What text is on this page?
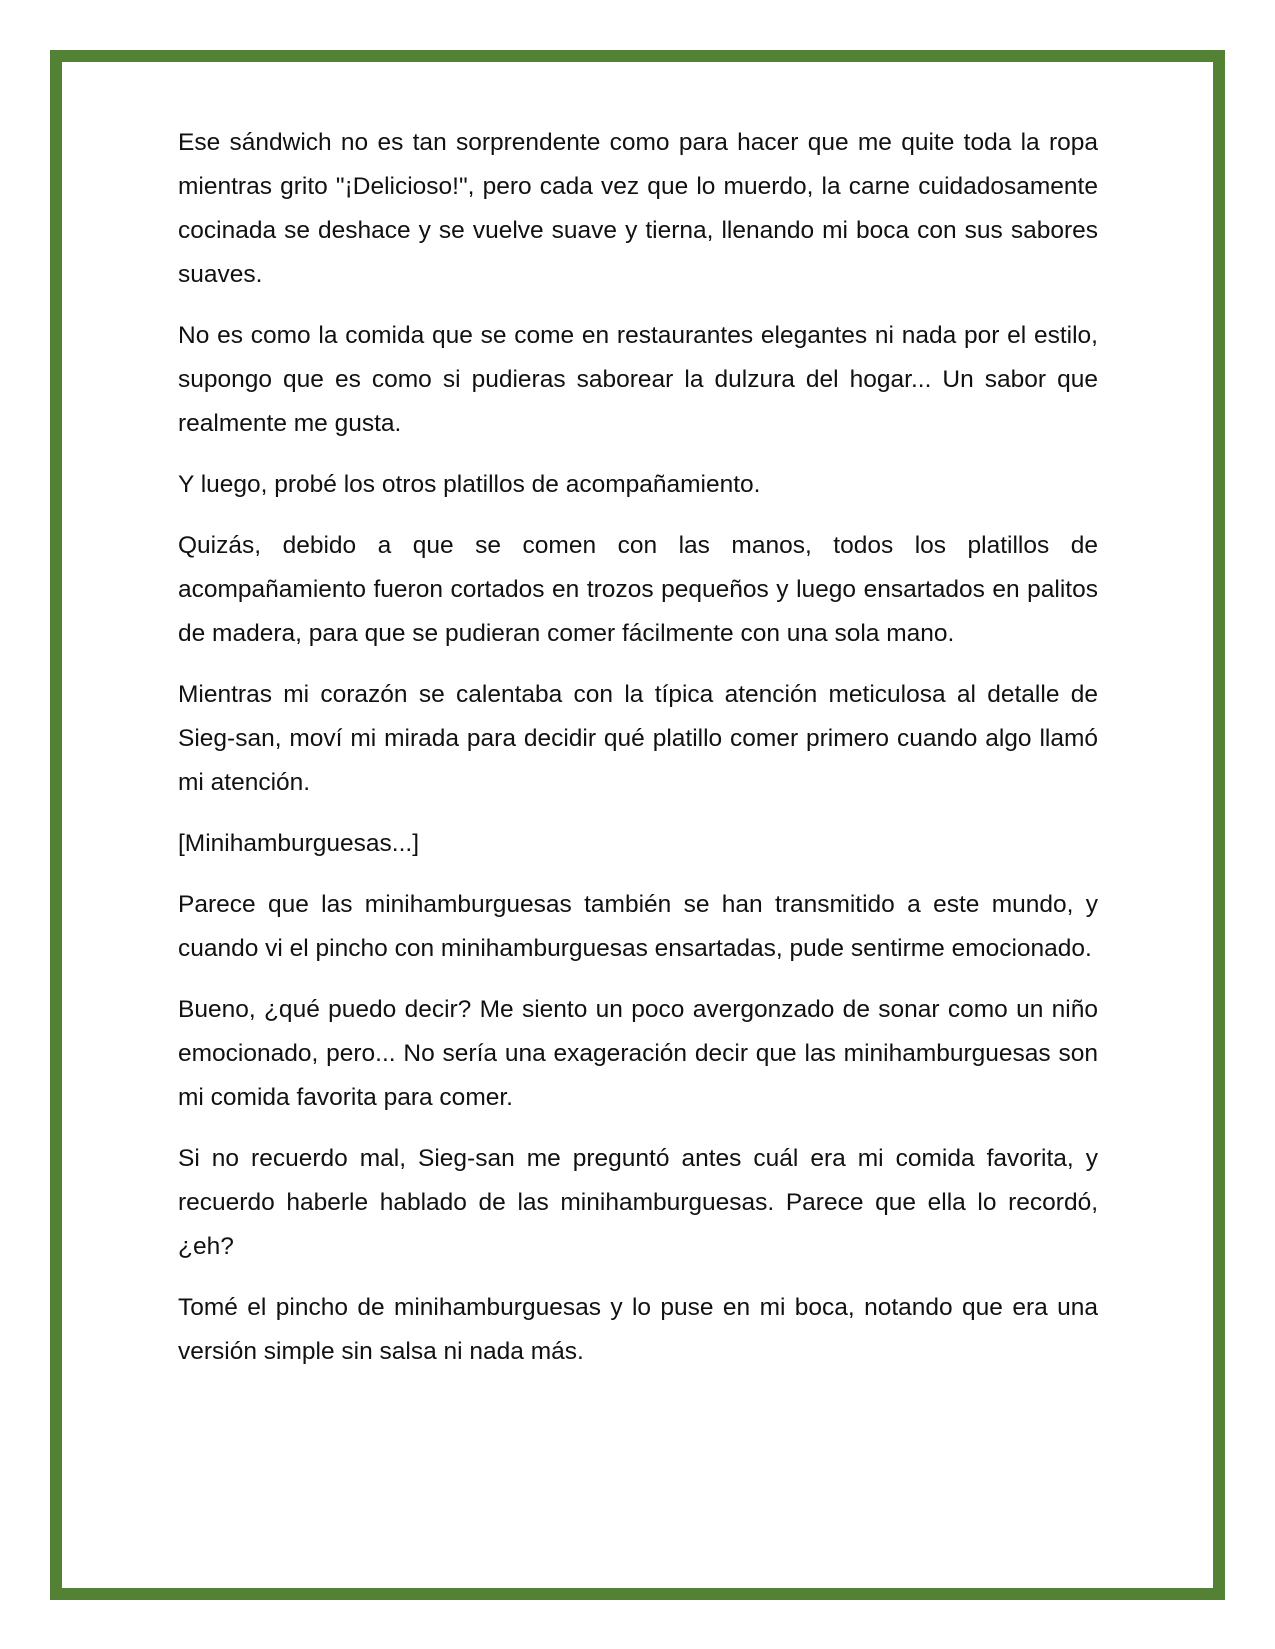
Ese sándwich no es tan sorprendente como para hacer que me quite toda la ropa mientras grito "¡Delicioso!", pero cada vez que lo muerdo, la carne cuidadosamente cocinada se deshace y se vuelve suave y tierna, llenando mi boca con sus sabores suaves.

No es como la comida que se come en restaurantes elegantes ni nada por el estilo, supongo que es como si pudieras saborear la dulzura del hogar... Un sabor que realmente me gusta.

Y luego, probé los otros platillos de acompañamiento.

Quizás, debido a que se comen con las manos, todos los platillos de acompañamiento fueron cortados en trozos pequeños y luego ensartados en palitos de madera, para que se pudieran comer fácilmente con una sola mano.

Mientras mi corazón se calentaba con la típica atención meticulosa al detalle de Sieg-san, moví mi mirada para decidir qué platillo comer primero cuando algo llamó mi atención.

[Minihamburguesas...]

Parece que las minihamburguesas también se han transmitido a este mundo, y cuando vi el pincho con minihamburguesas ensartadas, pude sentirme emocionado.

Bueno, ¿qué puedo decir? Me siento un poco avergonzado de sonar como un niño emocionado, pero... No sería una exageración decir que las minihamburguesas son mi comida favorita para comer.

Si no recuerdo mal, Sieg-san me preguntó antes cuál era mi comida favorita, y recuerdo haberle hablado de las minihamburguesas. Parece que ella lo recordó, ¿eh?

Tomé el pincho de minihamburguesas y lo puse en mi boca, notando que era una versión simple sin salsa ni nada más.
